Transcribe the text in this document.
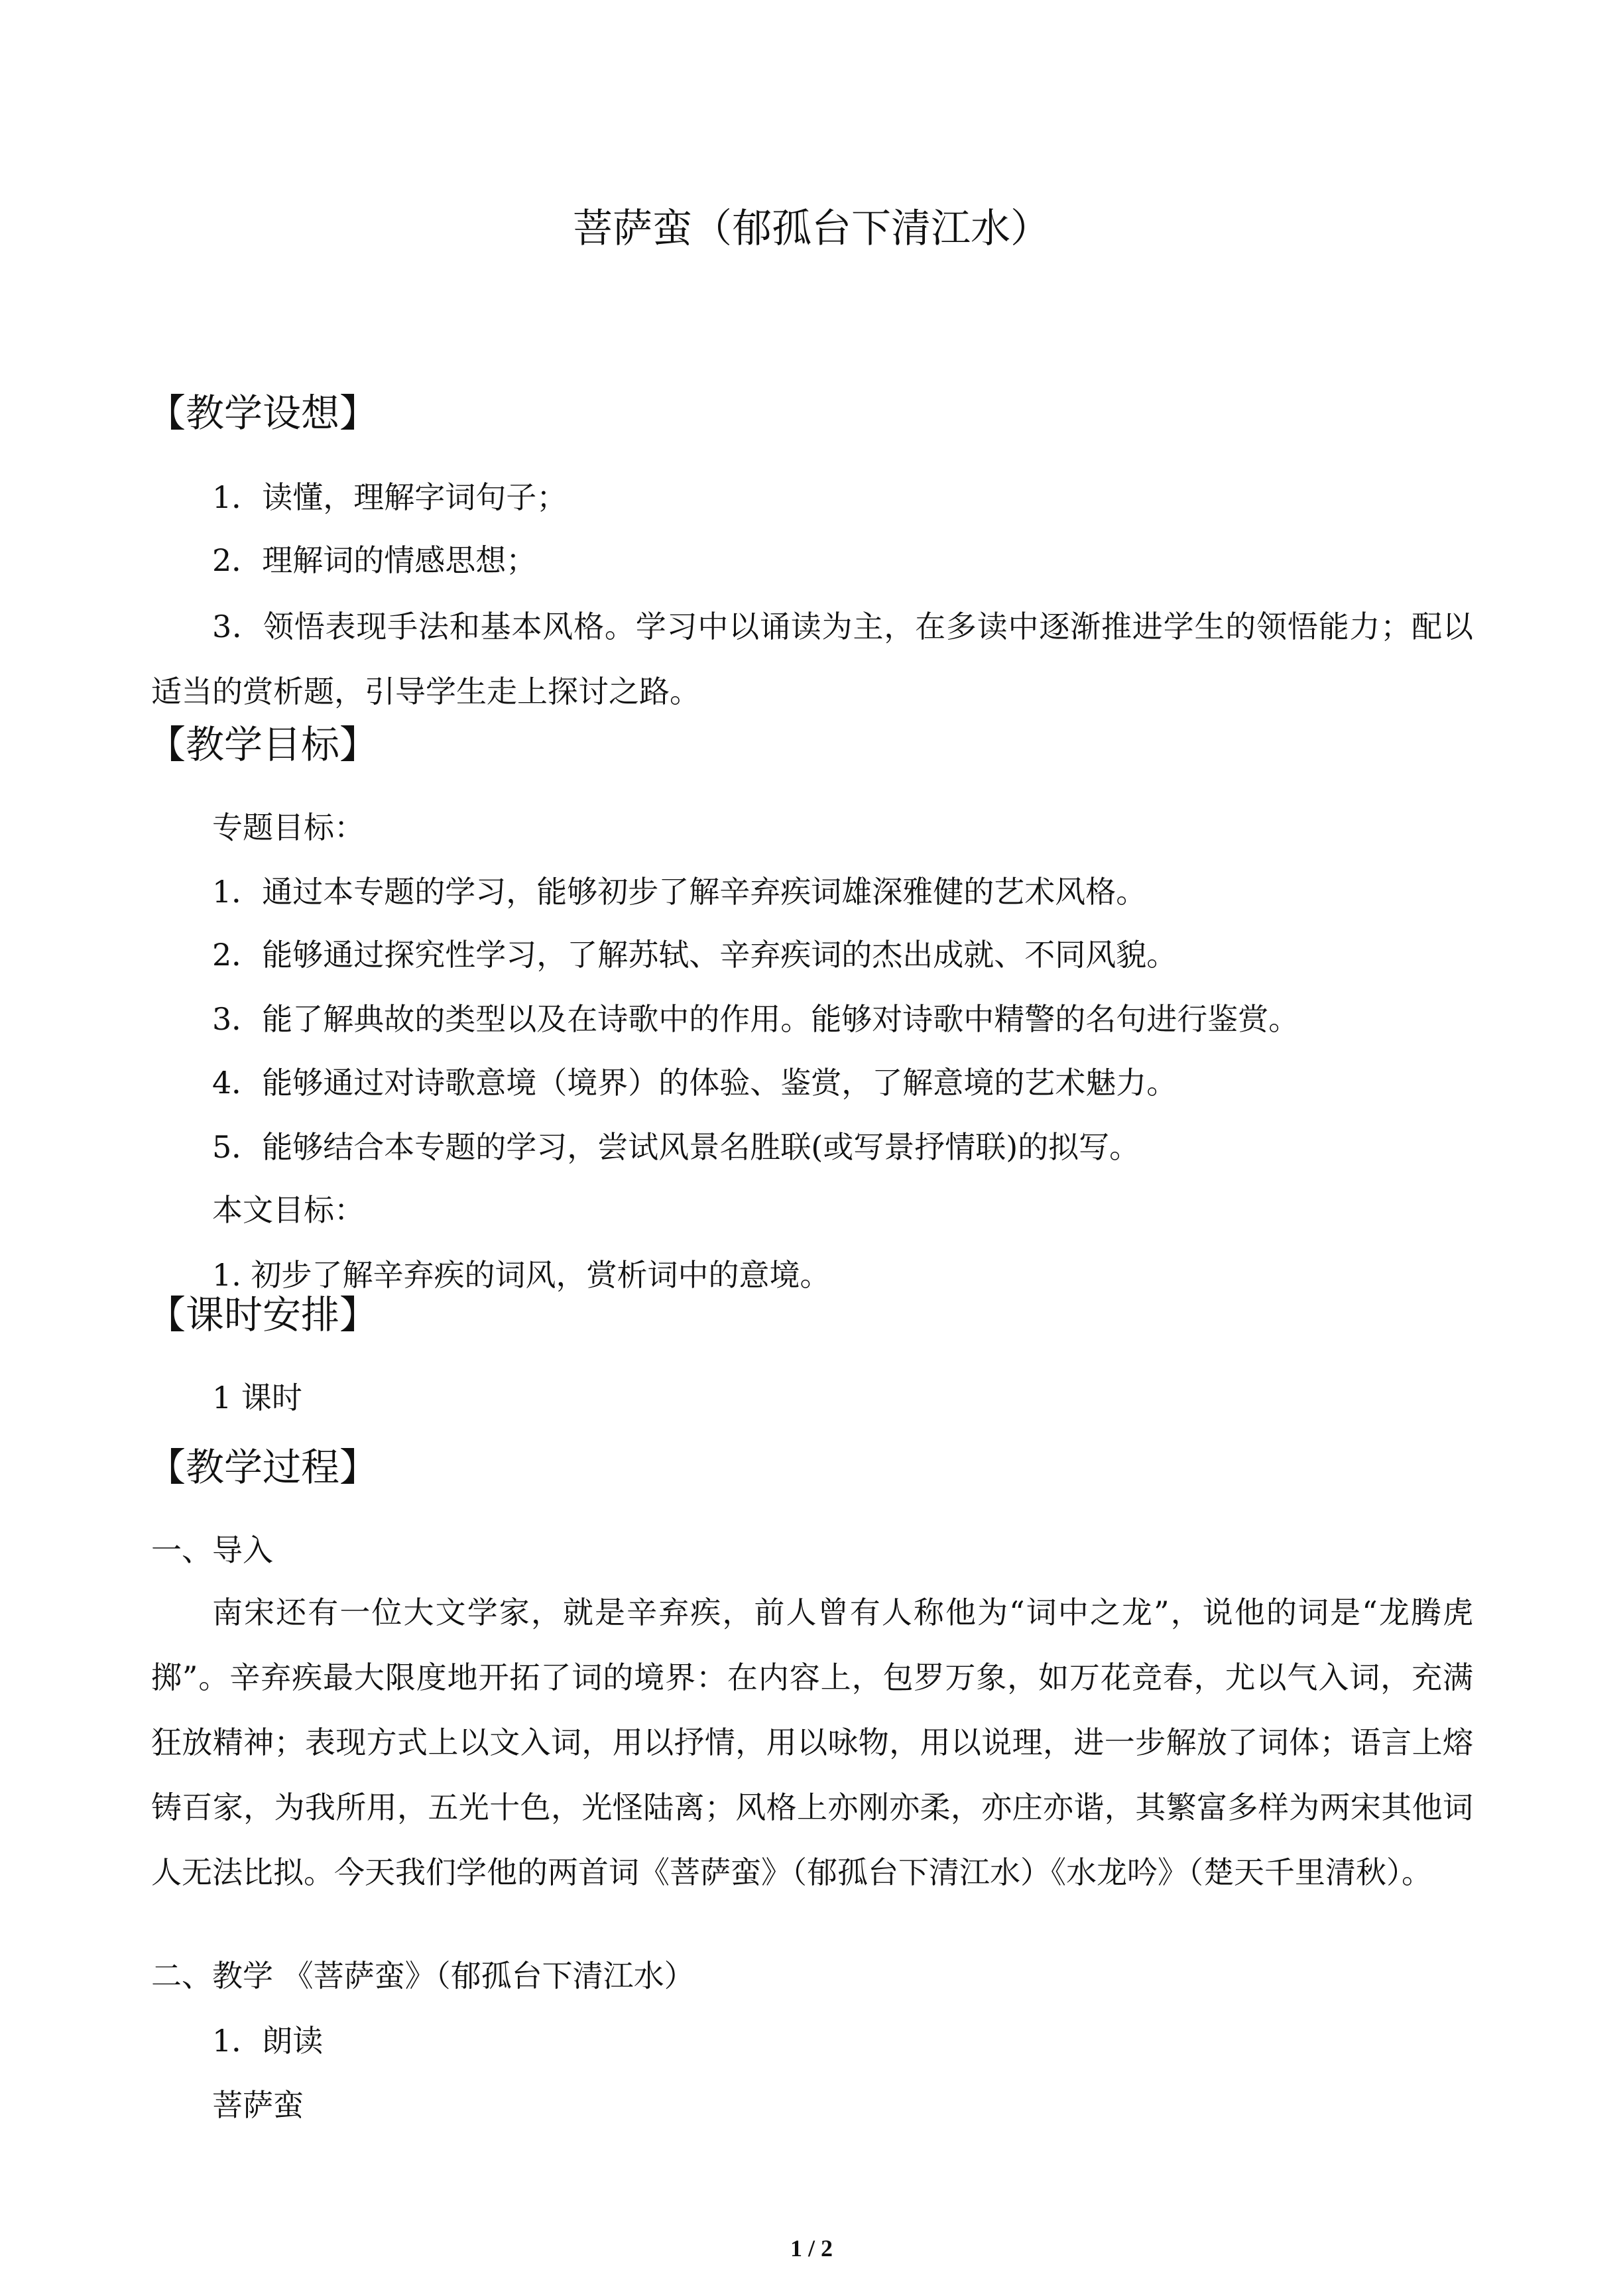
菩萨蛮（郁孤台下清江水）
【教学设想】
1．读懂，理解字词句子；
2．理解词的情感思想；
3．领悟表现手法和基本风格。学习中以诵读为主，在多读中逐渐推进学生的领悟能力；配以适当的赏析题，引导学生走上探讨之路。
【教学目标】
专题目标：
1．通过本专题的学习，能够初步了解辛弃疾词雄深雅健的艺术风格。
2．能够通过探究性学习，了解苏轼、辛弃疾词的杰出成就、不同风貌。
3．能了解典故的类型以及在诗歌中的作用。能够对诗歌中精警的名句进行鉴赏。
4．能够通过对诗歌意境（境界）的体验、鉴赏，了解意境的艺术魅力。
5．能够结合本专题的学习，尝试风景名胜联(或写景抒情联)的拟写。
本文目标：
1. 初步了解辛弃疾的词风，赏析词中的意境。
【课时安排】
1 课时
【教学过程】
一、导入
南宋还有一位大文学家，就是辛弃疾，前人曾有人称他为“词中之龙”，说他的词是“龙腾虎掷”。辛弃疾最大限度地开拓了词的境界：在内容上，包罗万象，如万花竞春，尤以气入词，充满狂放精神；表现方式上以文入词，用以抒情，用以咏物，用以说理，进一步解放了词体；语言上熔铸百家，为我所用，五光十色，光怪陆离；风格上亦刚亦柔，亦庄亦谐，其繁富多样为两宋其他词人无法比拟。今天我们学他的两首词《菩萨蛮》（郁孤台下清江水）《水龙吟》（楚天千里清秋）。
二、教学 《菩萨蛮》（郁孤台下清江水）
1．朗读
菩萨蛮
1 / 2
